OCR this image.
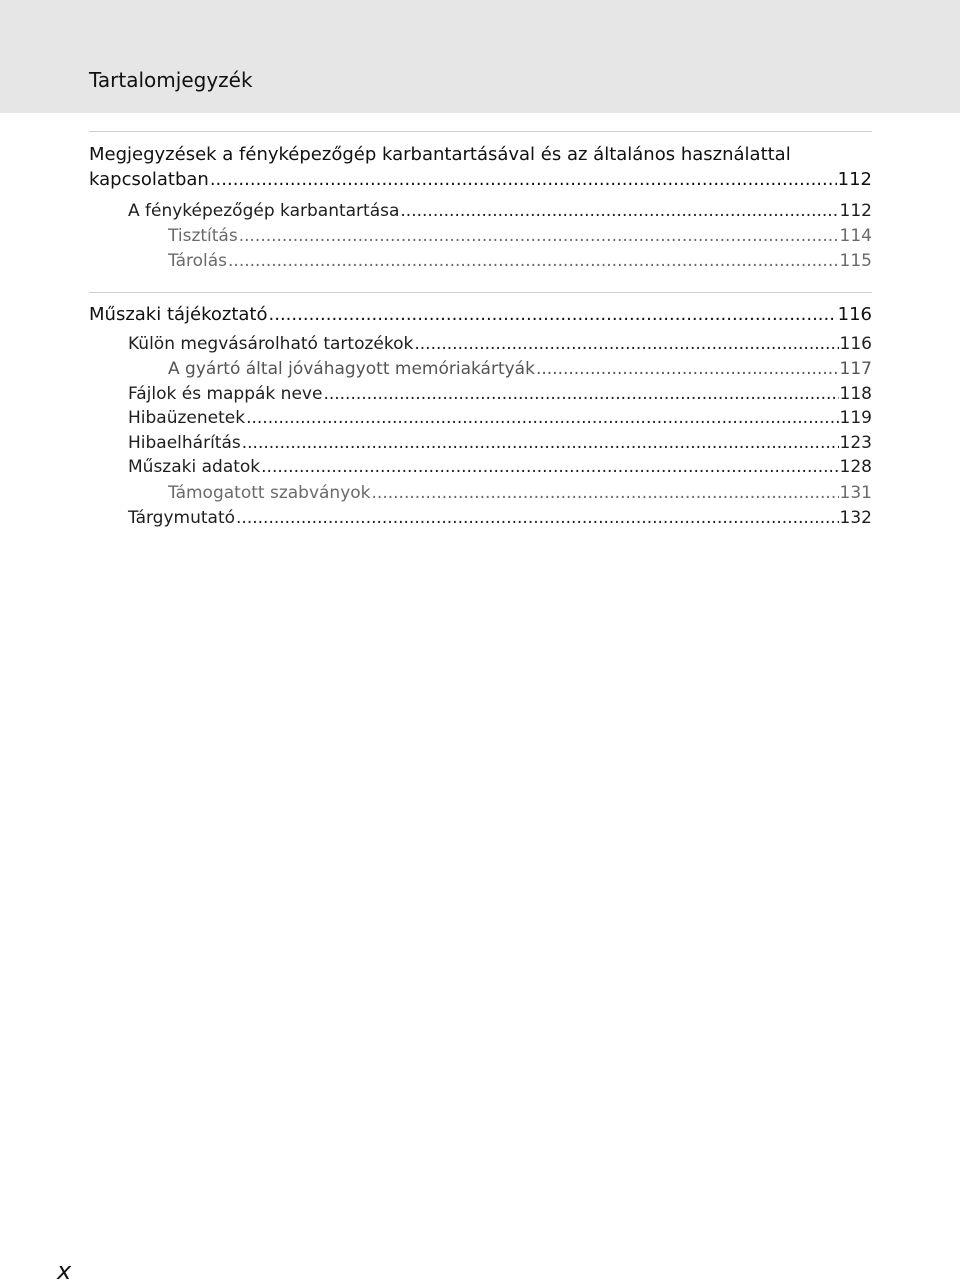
Tartalomjegyzék
Megjegyzések a fényképezőgép karbantartásával és az általános használattal
kapcsolatban .....	112
A fényképezőgép karbantartása .....	112
Tisztítás .....	114
Tárolás .....	115
Műszaki tájékoztató .....	116
Külön megvásárolható tartozékok .....	116
A gyártó által jóváhagyott memóriakártyák .....	117
Fájlok és mappák neve .....	118
Hibaüzenetek .....	119
Hibaelhárítás .....	123
Műszaki adatok .....	128
Támogatott szabványok .....	131
Tárgymutató .....	132
x
